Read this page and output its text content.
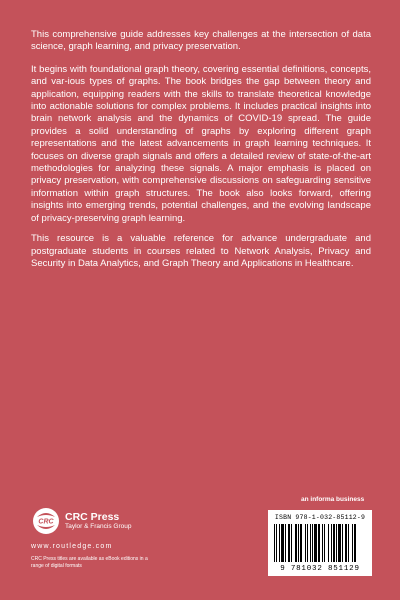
This comprehensive guide addresses key challenges at the intersection of data science, graph learning, and privacy preservation.

It begins with foundational graph theory, covering essential definitions, concepts, and var-ious types of graphs. The book bridges the gap between theory and application, equipping readers with the skills to translate theoretical knowledge into actionable solutions for complex problems. It includes practical insights into brain network analysis and the dynamics of COVID-19 spread. The guide provides a solid understanding of graphs by exploring different graph representations and the latest advancements in graph learning techniques. It focuses on diverse graph signals and offers a detailed review of state-of-the-art methodologies for analyzing these signals. A major emphasis is placed on privacy preservation, with comprehensive discussions on safeguarding sensitive information within graph structures. The book also looks forward, offering insights into emerging trends, potential challenges, and the evolving landscape of privacy-preserving graph learning.

This resource is a valuable reference for advance undergraduate and postgraduate students in courses related to Network Analysis, Privacy and Security in Data Analytics, and Graph Theory and Applications in Healthcare.

an informa business
ISBN 978-1-032-85112-9
9 781032 851129
CRC CRC Press
Taylor & Francis Group
www.routledge.com
CRC Press titles are available as eBook editions in a range of digital formats
